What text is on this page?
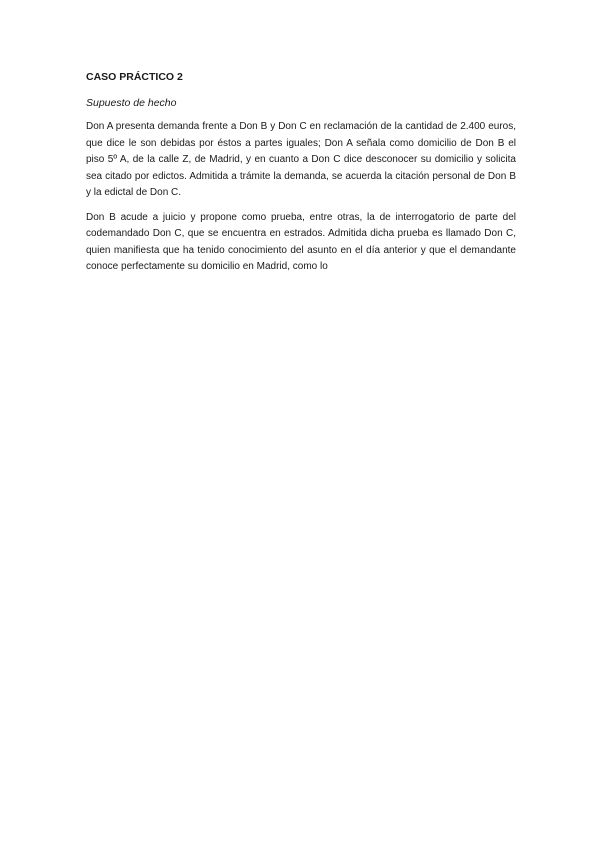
CASO PRÁCTICO 2
Supuesto de hecho

Don A presenta demanda frente a Don B y Don C en reclamación de la cantidad de 2.400 euros, que dice le son debidas por éstos a partes iguales; Don A señala como domicilio de Don B el piso 5º A, de la calle Z, de Madrid, y en cuanto a Don C dice desconocer su domicilio y solicita sea citado por edictos. Admitida a trámite la demanda, se acuerda la citación personal de Don B y la edictal de Don C.

Don B acude a juicio y propone como prueba, entre otras, la de interrogatorio de parte del codemandado Don C, que se encuentra en estrados. Admitida dicha prueba es llamado Don C, quien manifiesta que ha tenido conocimiento del asunto en el día anterior y que el demandante conoce perfectamente su domicilio en Madrid, como lo
